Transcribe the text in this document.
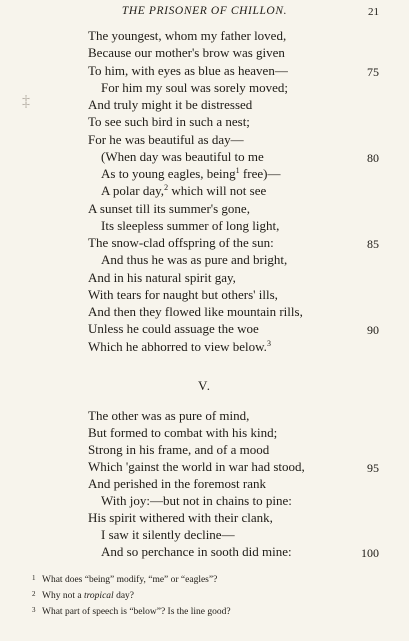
THE PRISONER OF CHILLON.	21
‡
The youngest, whom my father loved,
Because our mother's brow was given
To him, with eyes as blue as heaven—	75
For him my soul was sorely moved;
And truly might it be distressed
To see such bird in such a nest;
For he was beautiful as day—
(When day was beautiful to me	80
As to young eagles, being$^1$ free)—
A polar day,$^2$ which will not see
A sunset till its summer's gone,
Its sleepless summer of long light,
The snow-clad offspring of the sun:	85
And thus he was as pure and bright,
And in his natural spirit gay,
With tears for naught but others' ills,
And then they flowed like mountain rills,
Unless he could assuage the woe	90
Which he abhorred to view below.$^3$
V.
The other was as pure of mind,
But formed to combat with his kind;
Strong in his frame, and of a mood
Which 'gainst the world in war had stood,	95
And perished in the foremost rank
With joy:—but not in chains to pine:
His spirit withered with their clank,
I saw it silently decline—
And so perchance in sooth did mine:	100
1 What does “being” modify, “me” or “eagles”?
2 Why not a tropical day?
3 What part of speech is “below”? Is the line good?
